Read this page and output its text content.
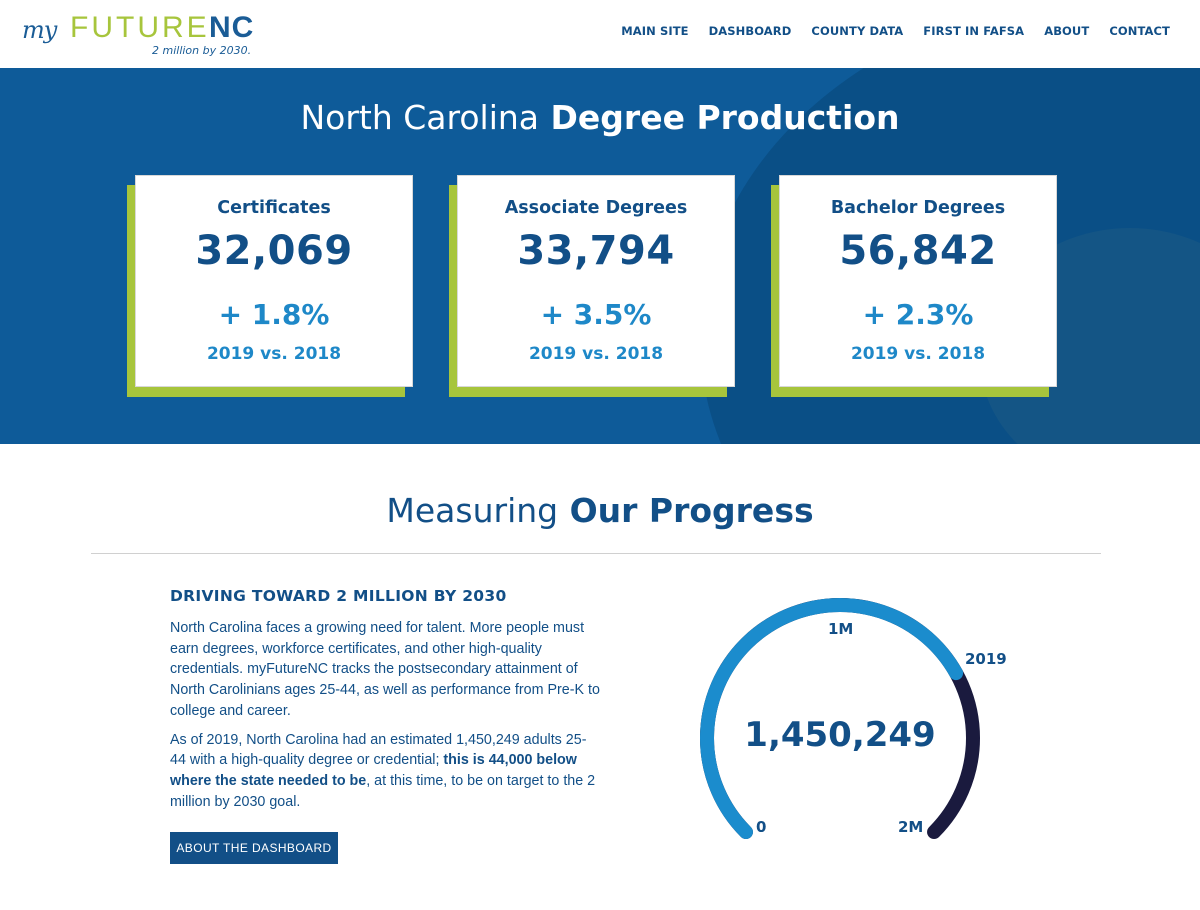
my FUTURE NC
2 million by 2030.
MAIN SITE DASHBOARD COUNTY DATA FIRST IN FAFSA ABOUT CONTACT
North Carolina Degree Production
Certificates
32,069
+ 1.8%
2019 vs. 2018
Associate Degrees
33,794
+ 3.5%
2019 vs. 2018
Bachelor Degrees
56,842
+ 2.3%
2019 vs. 2018
Measuring Our Progress
DRIVING TOWARD 2 MILLION BY 2030

North Carolina faces a growing need for talent. More people must earn degrees, workforce certificates, and other high-quality credentials. myFutureNC tracks the postsecondary attainment of North Carolinians ages 25-44, as well as performance from Pre-K to college and career.

As of 2019, North Carolina had an estimated 1,450,249 adults 25-44 with a high-quality degree or credential; this is 44,000 below where the state needed to be, at this time, to be on target to the 2 million by 2030 goal.

ABOUT THE DASHBOARD
1,450,249
1M
2019
0	2M
